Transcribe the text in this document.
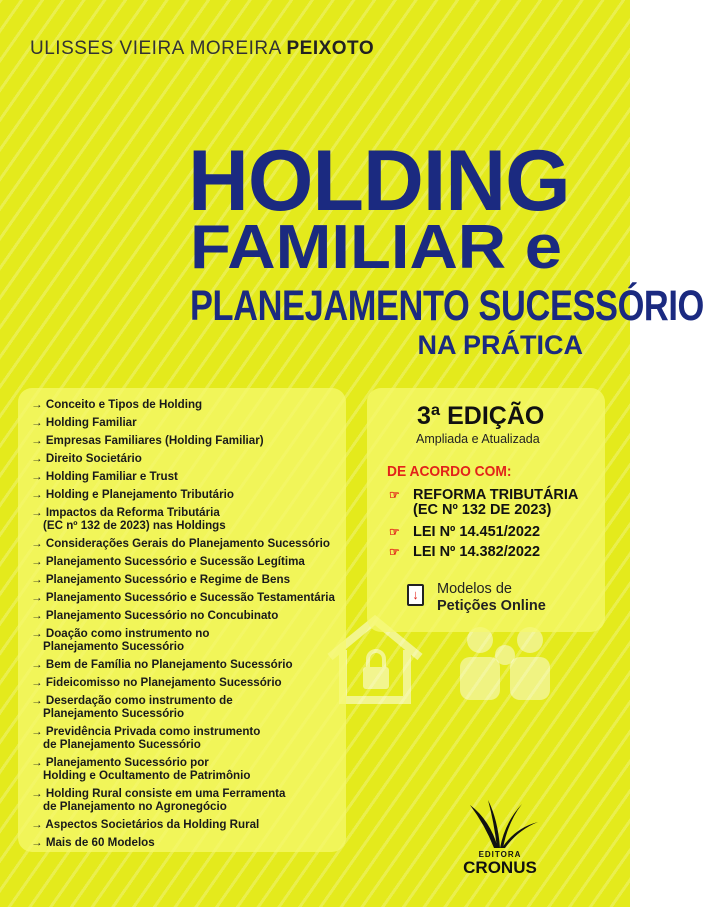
ULISSES VIEIRA MOREIRA PEIXOTO
HOLDING
FAMILIAR e
PLANEJAMENTO SUCESSÓRIO
NA PRÁTICA
→ Conceito e Tipos de Holding
→ Holding Familiar
→ Empresas Familiares (Holding Familiar)
→ Direito Societário
→ Holding Familiar e Trust
→ Holding e Planejamento Tributário
→ Impactos da Reforma Tributária
(EC nº 132 de 2023) nas Holdings
→ Considerações Gerais do Planejamento Sucessório
→ Planejamento Sucessório e Sucessão Legítima
→ Planejamento Sucessório e Regime de Bens
→ Planejamento Sucessório e Sucessão Testamentária
→ Planejamento Sucessório no Concubinato
→ Doação como instrumento no
Planejamento Sucessório
→ Bem de Família no Planejamento Sucessório
→ Fideicomisso no Planejamento Sucessório
→ Deserdação como instrumento de
Planejamento Sucessório
→ Previdência Privada como instrumento
de Planejamento Sucessório
→ Planejamento Sucessório por
Holding e Ocultamento de Patrimônio
→ Holding Rural consiste em uma Ferramenta
de Planejamento no Agronegócio
→ Aspectos Societários da Holding Rural
→ Mais de 60 Modelos
3ª EDIÇÃO
Ampliada e Atualizada
DE ACORDO COM:
☞ REFORMA TRIBUTÁRIA
(EC Nº 132 DE 2023)
☞ LEI Nº 14.451/2022
☞ LEI Nº 14.382/2022
↓	Modelos de
Petições Online
EDITORA
CRONUS
